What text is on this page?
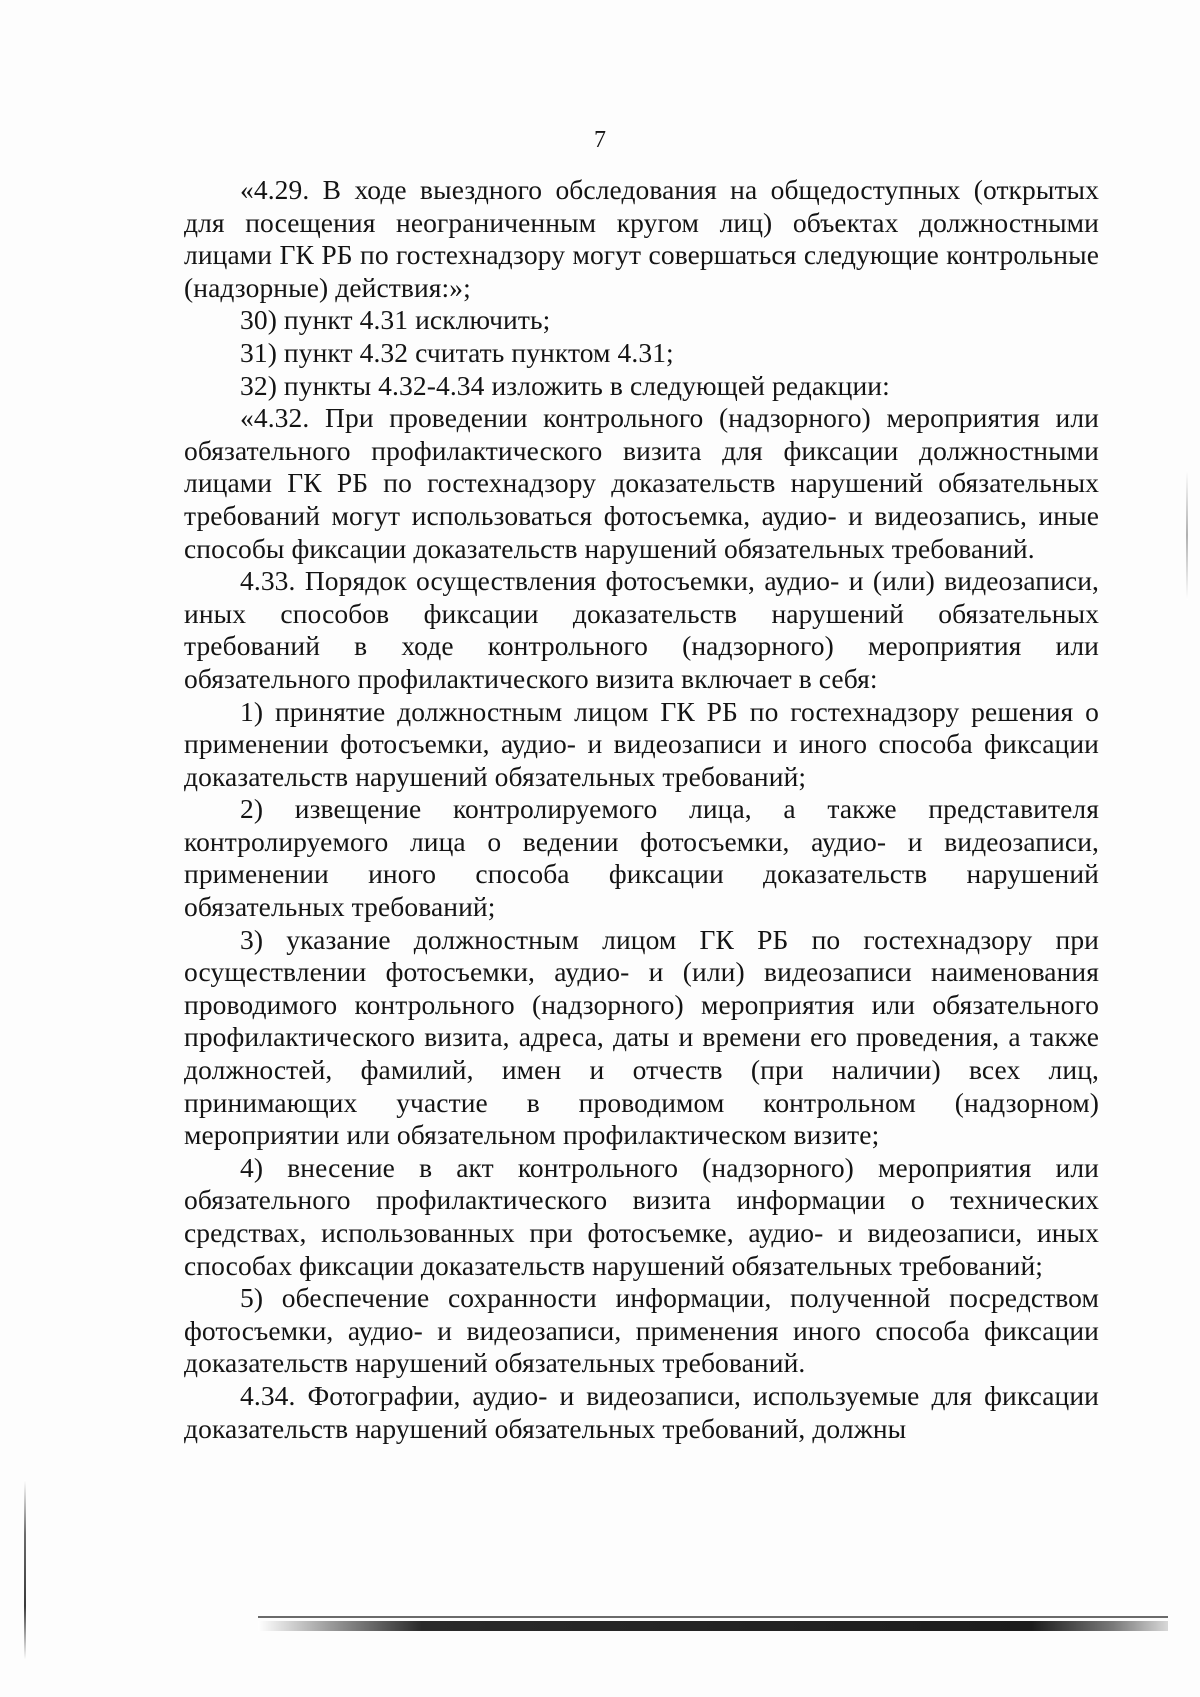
7

«4.29. В ходе выездного обследования на общедоступных (открытых для посещения неограниченным кругом лиц) объектах должностными лицами ГК РБ по гостехнадзору могут совершаться следующие контрольные (надзорные) действия:»;

30) пункт 4.31 исключить;

31) пункт 4.32 считать пунктом 4.31;

32) пункты 4.32-4.34 изложить в следующей редакции:

«4.32. При проведении контрольного (надзорного) мероприятия или обязательного профилактического визита для фиксации должностными лицами ГК РБ по гостехнадзору доказательств нарушений обязательных требований могут использоваться фотосъемка, аудио- и видеозапись, иные способы фиксации доказательств нарушений обязательных требований.

4.33. Порядок осуществления фотосъемки, аудио- и (или) видеозаписи, иных способов фиксации доказательств нарушений обязательных требований в ходе контрольного (надзорного) мероприятия или обязательного профилактического визита включает в себя:

1) принятие должностным лицом ГК РБ по гостехнадзору решения о применении фотосъемки, аудио- и видеозаписи и иного способа фиксации доказательств нарушений обязательных требований;

2) извещение контролируемого лица, а также представителя контролируемого лица о ведении фотосъемки, аудио- и видеозаписи, применении иного способа фиксации доказательств нарушений обязательных требований;

3) указание должностным лицом ГК РБ по гостехнадзору при осуществлении фотосъемки, аудио- и (или) видеозаписи наименования проводимого контрольного (надзорного) мероприятия или обязательного профилактического визита, адреса, даты и времени его проведения, а также должностей, фамилий, имен и отчеств (при наличии) всех лиц, принимающих участие в проводимом контрольном (надзорном) мероприятии или обязательном профилактическом визите;

4) внесение в акт контрольного (надзорного) мероприятия или обязательного профилактического визита информации о технических средствах, использованных при фотосъемке, аудио- и видеозаписи, иных способах фиксации доказательств нарушений обязательных требований;

5) обеспечение сохранности информации, полученной посредством фотосъемки, аудио- и видеозаписи, применения иного способа фиксации доказательств нарушений обязательных требований.

4.34. Фотографии, аудио- и видеозаписи, используемые для фиксации доказательств нарушений обязательных требований, должны
